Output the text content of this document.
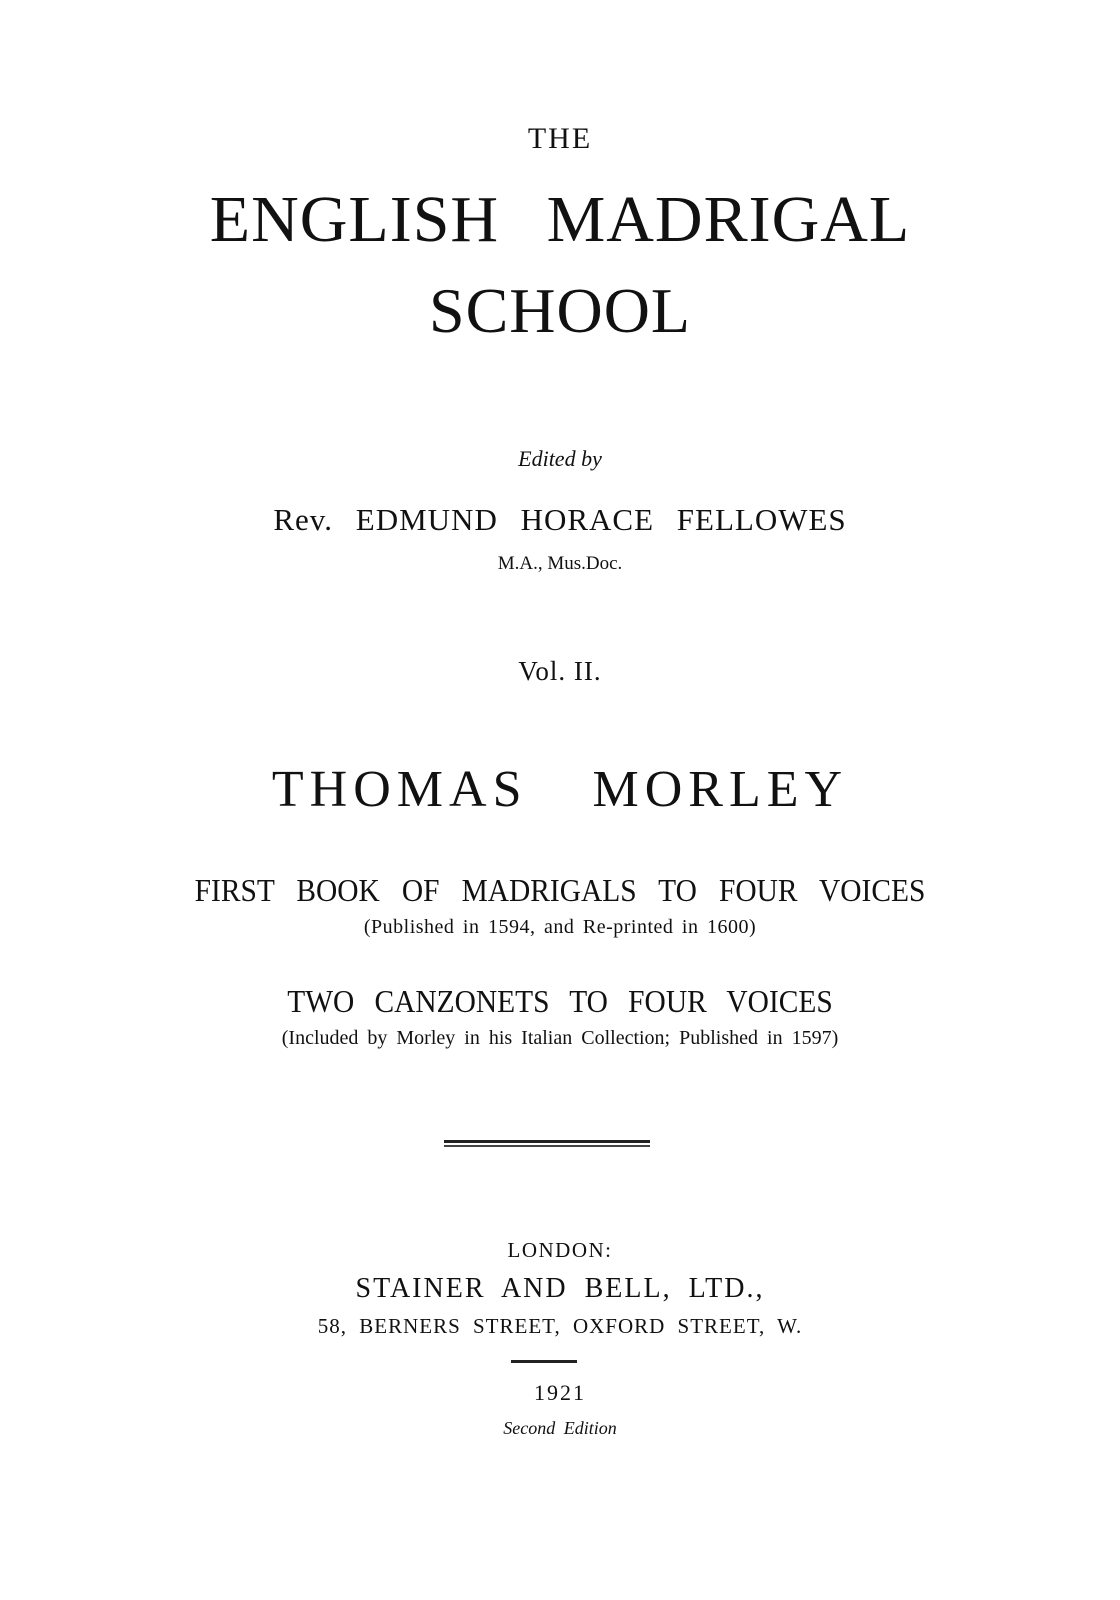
THE
ENGLISH MADRIGAL
SCHOOL
Edited by
Rev. EDMUND HORACE FELLOWES
M.A., Mus.Doc.
Vol. II.
THOMAS MORLEY
FIRST BOOK OF MADRIGALS TO FOUR VOICES
(Published in 1594, and Re-printed in 1600)
TWO CANZONETS TO FOUR VOICES
(Included by Morley in his Italian Collection; Published in 1597)
LONDON:
STAINER AND BELL, LTD.,
58, BERNERS STREET, OXFORD STREET, W.
1921
Second Edition
